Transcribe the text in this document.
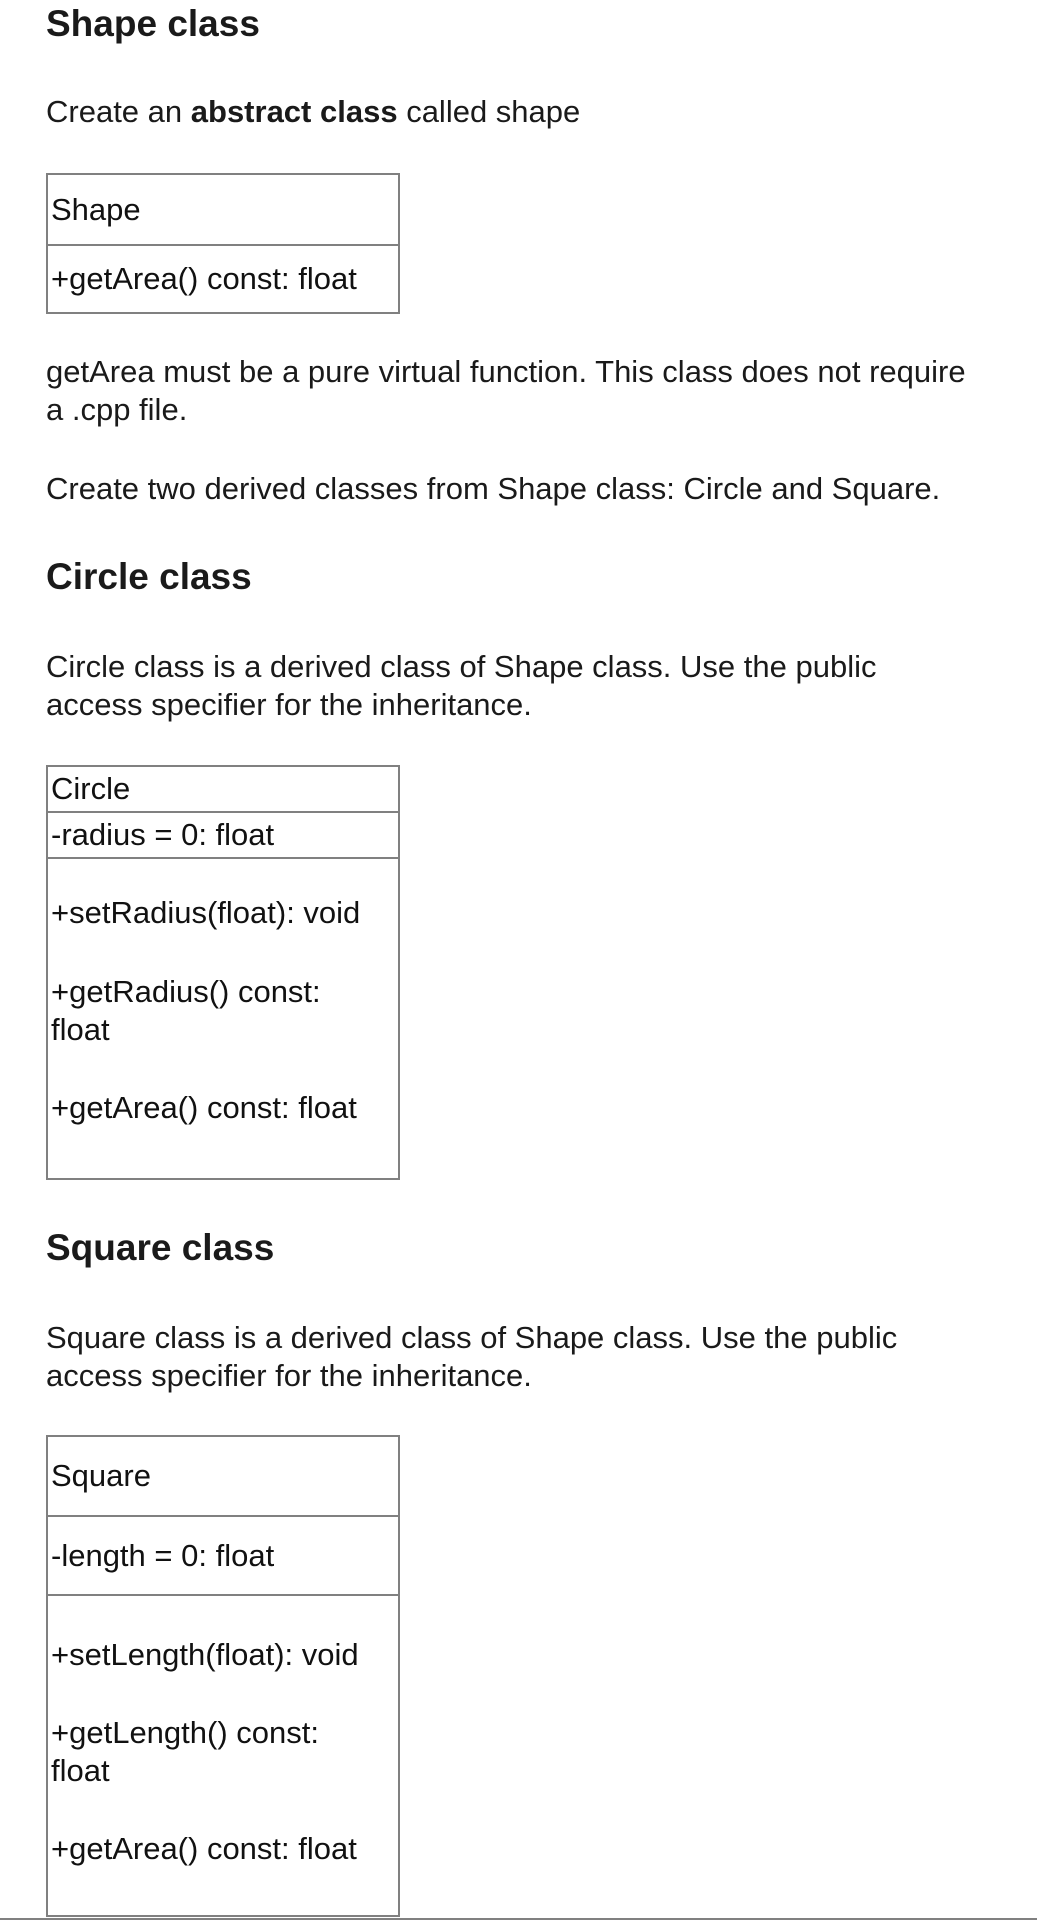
Shape class

Create an abstract class called shape

Shape
+getArea() const: float

getArea must be a pure virtual function. This class does not require a .cpp file.

Create two derived classes from Shape class: Circle and Square.

Circle class

Circle class is a derived class of Shape class. Use the public access specifier for the inheritance.

Circle
-radius = 0: float

+setRadius(float): void

+getRadius() const: float

+getArea() const: float

Square class

Square class is a derived class of Shape class. Use the public access specifier for the inheritance.

Square
-length = 0: float

+setLength(float): void

+getLength() const: float

+getArea() const: float
